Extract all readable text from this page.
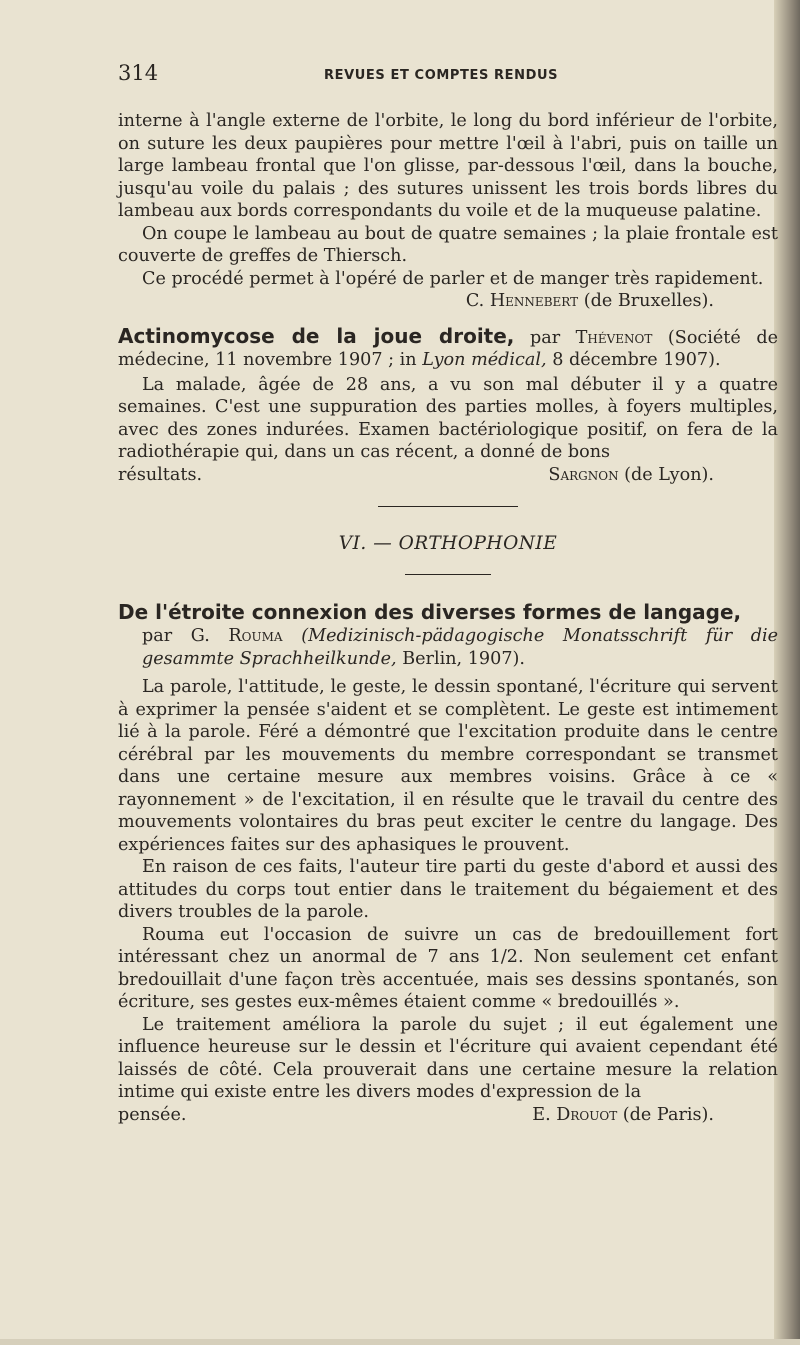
314	REVUES ET COMPTES RENDUS

interne à l'angle externe de l'orbite, le long du bord inférieur de l'orbite, on suture les deux paupières pour mettre l'œil à l'abri, puis on taille un large lambeau frontal que l'on glisse, par-dessous l'œil, dans la bouche, jusqu'au voile du palais ; des sutures unissent les trois bords libres du lambeau aux bords correspondants du voile et de la muqueuse palatine.

On coupe le lambeau au bout de quatre semaines ; la plaie frontale est couverte de greffes de Thiersch.

Ce procédé permet à l'opéré de parler et de manger très rapidement.

C. Hennebert (de Bruxelles).

Actinomycose de la joue droite, par Thévenot (Société de médecine, 11 novembre 1907 ; in Lyon médical, 8 décembre 1907).

La malade, âgée de 28 ans, a vu son mal débuter il y a quatre semaines. C'est une suppuration des parties molles, à foyers multiples, avec des zones indurées. Examen bactériologique positif, on fera de la radiothérapie qui, dans un cas récent, a donné de bons

résultats.	Sargnon (de Lyon).
VI. — ORTHOPHONIE

De l'étroite connexion des diverses formes de langage,

par G. Rouma (Medizinisch-pädagogische Monatsschrift für die gesammte Sprachheilkunde, Berlin, 1907).

La parole, l'attitude, le geste, le dessin spontané, l'écriture qui servent à exprimer la pensée s'aident et se complètent. Le geste est intimement lié à la parole. Féré a démontré que l'excitation produite dans le centre cérébral par les mouvements du membre correspondant se transmet dans une certaine mesure aux membres voisins. Grâce à ce « rayonnement » de l'excitation, il en résulte que le travail du centre des mouvements volontaires du bras peut exciter le centre du langage. Des expériences faites sur des aphasiques le prouvent.

En raison de ces faits, l'auteur tire parti du geste d'abord et aussi des attitudes du corps tout entier dans le traitement du bégaiement et des divers troubles de la parole.

Rouma eut l'occasion de suivre un cas de bredouillement fort intéressant chez un anormal de 7 ans 1/2. Non seulement cet enfant bredouillait d'une façon très accentuée, mais ses dessins spontanés, son écriture, ses gestes eux-mêmes étaient comme « bredouillés ».

Le traitement améliora la parole du sujet ; il eut également une influence heureuse sur le dessin et l'écriture qui avaient cependant été laissés de côté. Cela prouverait dans une certaine mesure la relation intime qui existe entre les divers modes d'expression de la

pensée.	E. Drouot (de Paris).
